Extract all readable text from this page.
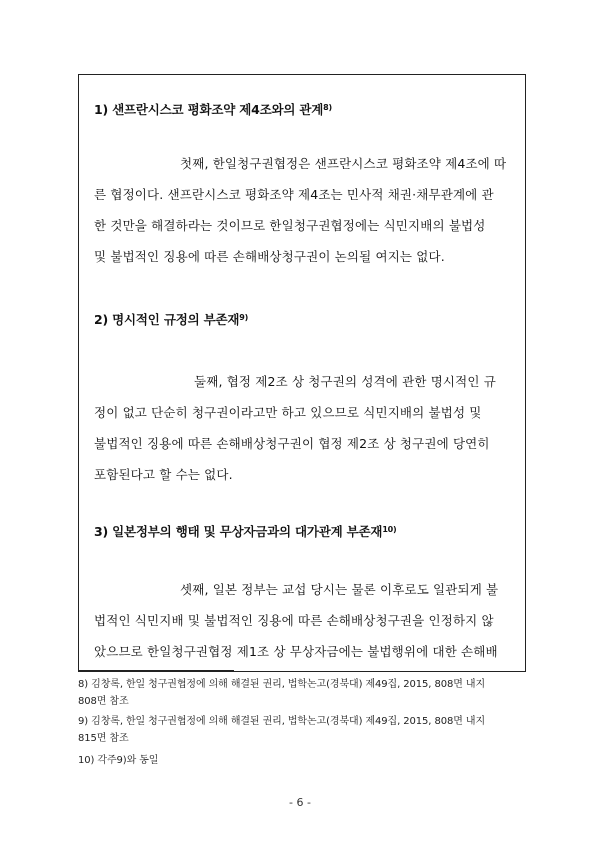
1) 샌프란시스코 평화조약 제4조와의 관계$^{8)}$
첫째, 한일청구권협정은 샌프란시스코 평화조약 제4조에 따
른 협정이다. 샌프란시스코 평화조약 제4조는 민사적 채권·채무관계에 관
한 것만을 해결하라는 것이므로 한일청구권협정에는 식민지배의 불법성
및 불법적인 징용에 따른 손해배상청구권이 논의될 여지는 없다.
2) 명시적인 규정의 부존재$^{9)}$
둘째, 협정 제2조 상 청구권의 성격에 관한 명시적인 규
정이 없고 단순히 청구권이라고만 하고 있으므로 식민지배의 불법성 및
불법적인 징용에 따른 손해배상청구권이 협정 제2조 상 청구권에 당연히
포함된다고 할 수는 없다.
3) 일본정부의 행태 및 무상자금과의 대가관계 부존재$^{10)}$
셋째, 일본 정부는 교섭 당시는 물론 이후로도 일관되게 불
법적인 식민지배 및 불법적인 징용에 따른 손해배상청구권을 인정하지 않
았으므로 한일청구권협정 제1조 상 무상자금에는 불법행위에 대한 손해배
8) 김창록, 한일 청구권협정에 의해 해결된 권리, 법학논고(경북대) 제49집, 2015, 808면 내지
808면 참조
9) 김창록, 한일 청구권협정에 의해 해결된 권리, 법학논고(경북대) 제49집, 2015, 808면 내지
815면 참조
10) 각주9)와 동일
- 6 -
